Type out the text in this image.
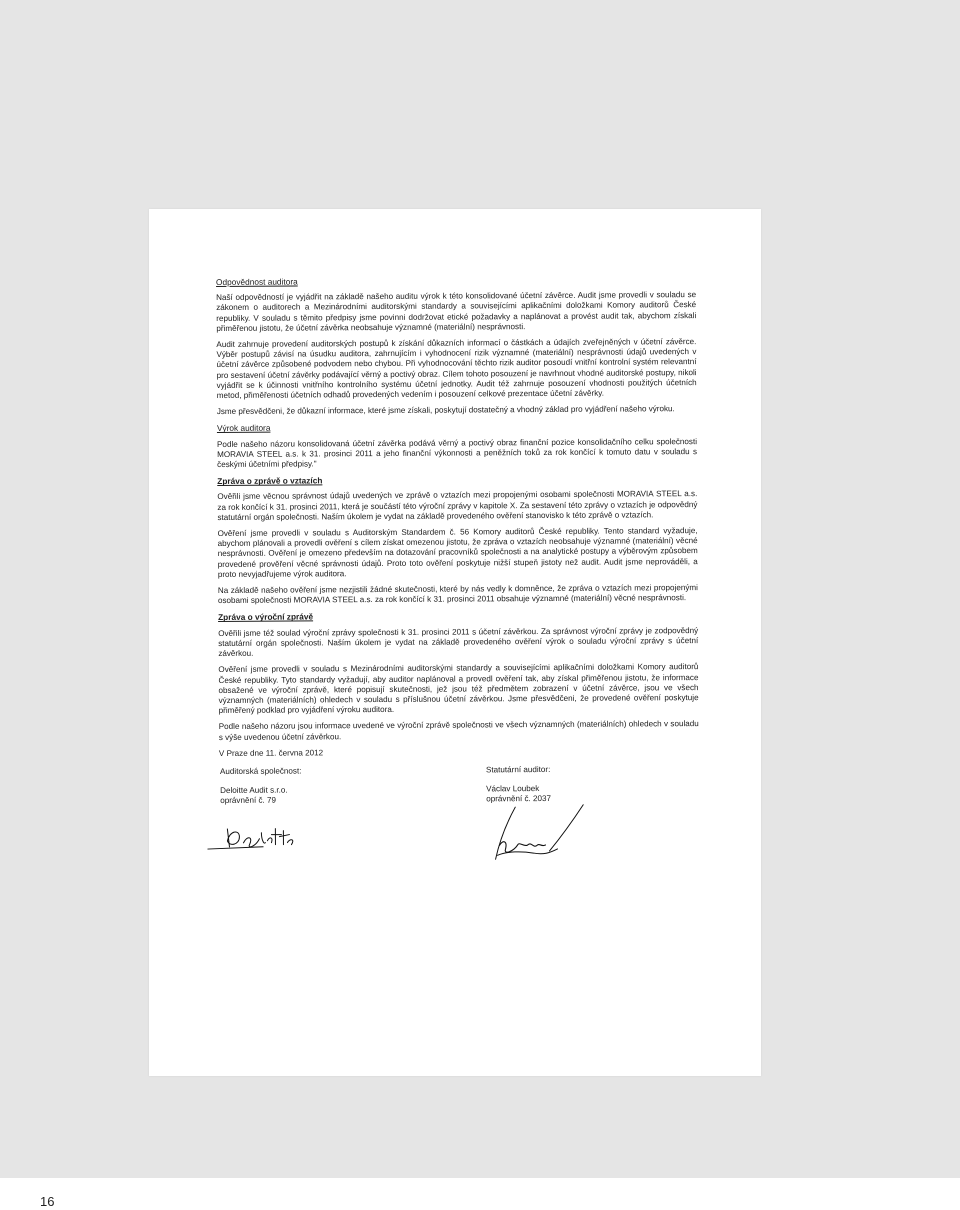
Odpovědnost auditora

Naší odpovědností je vyjádřit na základě našeho auditu výrok k této konsolidované účetní závěrce. Audit jsme provedli v souladu se zákonem o auditorech a Mezinárodními auditorskými standardy a souvisejícími aplikačními doložkami Komory auditorů České republiky. V souladu s těmito předpisy jsme povinni dodržovat etické požadavky a naplánovat a provést audit tak, abychom získali přiměřenou jistotu, že účetní závěrka neobsahuje významné (materiální) nesprávnosti.

Audit zahrnuje provedení auditorských postupů k získání důkazních informací o částkách a údajích zveřejněných v účetní závěrce. Výběr postupů závisí na úsudku auditora, zahrnujícím i vyhodnocení rizik významné (materiální) nesprávnosti údajů uvedených v účetní závěrce způsobené podvodem nebo chybou. Při vyhodnocování těchto rizik auditor posoudí vnitřní kontrolní systém relevantní pro sestavení účetní závěrky podávající věrný a poctivý obraz. Cílem tohoto posouzení je navrhnout vhodné auditorské postupy, nikoli vyjádřit se k účinnosti vnitřního kontrolního systému účetní jednotky. Audit též zahrnuje posouzení vhodnosti použitých účetních metod, přiměřenosti účetních odhadů provedených vedením i posouzení celkové prezentace účetní závěrky.

Jsme přesvědčeni, že důkazní informace, které jsme získali, poskytují dostatečný a vhodný základ pro vyjádření našeho výroku.

Výrok auditora

Podle našeho názoru konsolidovaná účetní závěrka podává věrný a poctivý obraz finanční pozice konsolidačního celku společnosti MORAVIA STEEL a.s. k 31. prosinci 2011 a jeho finanční výkonnosti a peněžních toků za rok končící k tomuto datu v souladu s českými účetními předpisy."

Zpráva o zprávě o vztazích

Ověřili jsme věcnou správnost údajů uvedených ve zprávě o vztazích mezi propojenými osobami společnosti MORAVIA STEEL a.s. za rok končící k 31. prosinci 2011, která je součástí této výroční zprávy v kapitole X. Za sestavení této zprávy o vztazích je odpovědný statutární orgán společnosti. Naším úkolem je vydat na základě provedeného ověření stanovisko k této zprávě o vztazích.

Ověření jsme provedli v souladu s Auditorským Standardem č. 56 Komory auditorů České republiky. Tento standard vyžaduje, abychom plánovali a provedli ověření s cílem získat omezenou jistotu, že zpráva o vztazích neobsahuje významné (materiální) věcné nesprávnosti. Ověření je omezeno především na dotazování pracovníků společnosti a na analytické postupy a výběrovým způsobem provedené prověření věcné správnosti údajů. Proto toto ověření poskytuje nižší stupeň jistoty než audit. Audit jsme neprováděli, a proto nevyjadřujeme výrok auditora.

Na základě našeho ověření jsme nezjistili žádné skutečnosti, které by nás vedly k domněnce, že zpráva o vztazích mezi propojenými osobami společnosti MORAVIA STEEL a.s. za rok končící k 31. prosinci 2011 obsahuje významné (materiální) věcné nesprávnosti.

Zpráva o výroční zprávě

Ověřili jsme též soulad výroční zprávy společnosti k 31. prosinci 2011 s účetní závěrkou. Za správnost výroční zprávy je zodpovědný statutární orgán společnosti. Naším úkolem je vydat na základě provedeného ověření výrok o souladu výroční zprávy s účetní závěrkou.

Ověření jsme provedli v souladu s Mezinárodními auditorskými standardy a souvisejícími aplikačními doložkami Komory auditorů České republiky. Tyto standardy vyžadují, aby auditor naplánoval a provedl ověření tak, aby získal přiměřenou jistotu, že informace obsažené ve výroční zprávě, které popisují skutečnosti, jež jsou též předmětem zobrazení v účetní závěrce, jsou ve všech významných (materiálních) ohledech v souladu s příslušnou účetní závěrkou. Jsme přesvědčeni, že provedené ověření poskytuje přiměřený podklad pro vyjádření výroku auditora.

Podle našeho názoru jsou informace uvedené ve výroční zprávě společnosti ve všech významných (materiálních) ohledech v souladu s výše uvedenou účetní závěrkou.

V Praze dne 11. června 2012

Auditorská společnost:

Deloitte Audit s.r.o.

oprávnění č. 79

Statutární auditor:

Václav Loubek

oprávnění č. 2037

16
